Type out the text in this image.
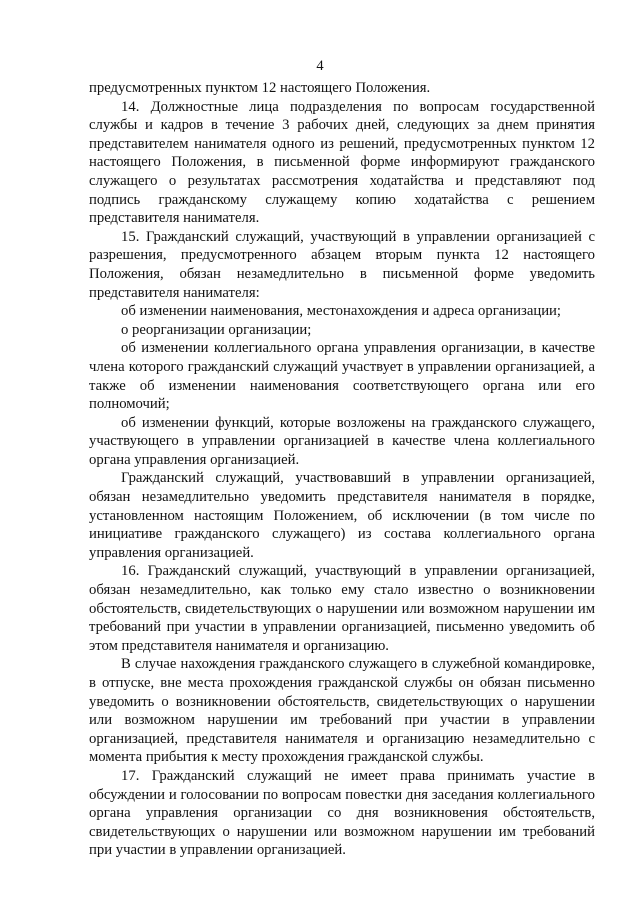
4

предусмотренных пунктом 12 настоящего Положения.

14. Должностные лица подразделения по вопросам государственной службы и кадров в течение 3 рабочих дней, следующих за днем принятия представителем нанимателя одного из решений, предусмотренных пунктом 12 настоящего Положения, в письменной форме информируют гражданского служащего о результатах рассмотрения ходатайства и представляют под подпись гражданскому служащему копию ходатайства с решением представителя нанимателя.

15. Гражданский служащий, участвующий в управлении организацией с разрешения, предусмотренного абзацем вторым пункта 12 настоящего Положения, обязан незамедлительно в письменной форме уведомить представителя нанимателя:

об изменении наименования, местонахождения и адреса организации;

о реорганизации организации;

об изменении коллегиального органа управления организации, в качестве члена которого гражданский служащий участвует в управлении организацией, а также об изменении наименования соответствующего органа или его полномочий;

об изменении функций, которые возложены на гражданского служащего, участвующего в управлении организацией в качестве члена коллегиального органа управления организацией.

Гражданский служащий, участвовавший в управлении организацией, обязан незамедлительно уведомить представителя нанимателя в порядке, установленном настоящим Положением, об исключении (в том числе по инициативе гражданского служащего) из состава коллегиального органа управления организацией.

16. Гражданский служащий, участвующий в управлении организацией, обязан незамедлительно, как только ему стало известно о возникновении обстоятельств, свидетельствующих о нарушении или возможном нарушении им требований при участии в управлении организацией, письменно уведомить об этом представителя нанимателя и организацию.

В случае нахождения гражданского служащего в служебной командировке, в отпуске, вне места прохождения гражданской службы он обязан письменно уведомить о возникновении обстоятельств, свидетельствующих о нарушении или возможном нарушении им требований при участии в управлении организацией, представителя нанимателя и организацию незамедлительно с момента прибытия к месту прохождения гражданской службы.

17. Гражданский служащий не имеет права принимать участие в обсуждении и голосовании по вопросам повестки дня заседания коллегиального органа управления организации со дня возникновения обстоятельств, свидетельствующих о нарушении или возможном нарушении им требований при участии в управлении организацией.
